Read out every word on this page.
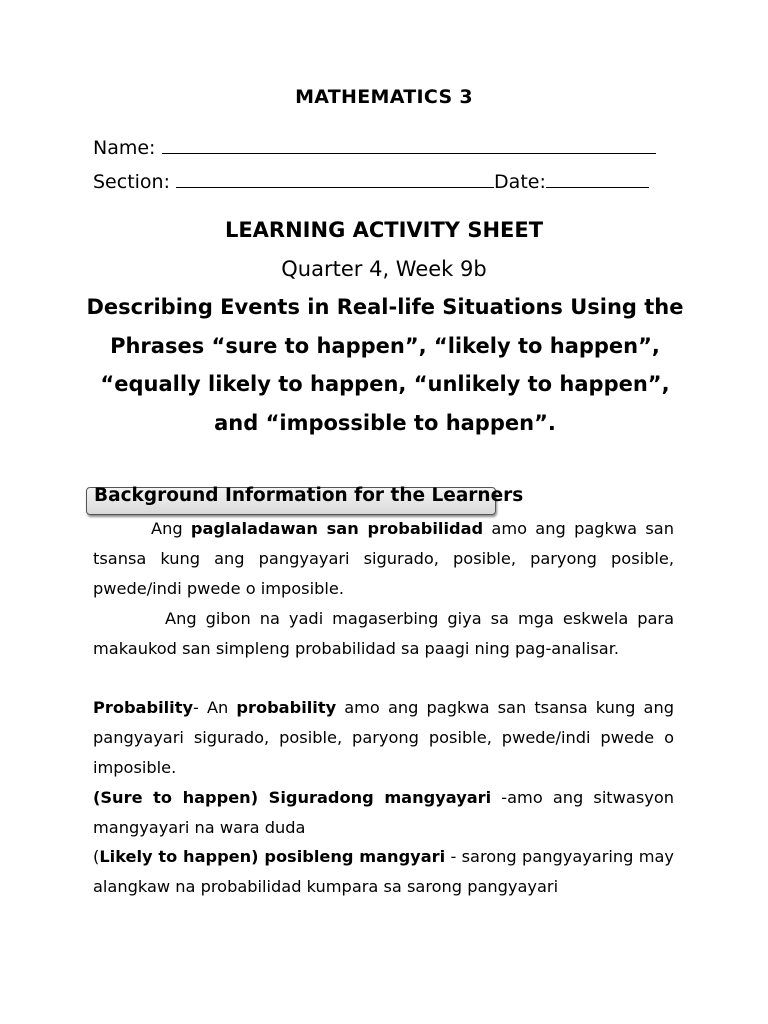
MATHEMATICS 3
Name:
Section:	Date:
LEARNING ACTIVITY SHEET
Quarter 4, Week 9b
Describing Events in Real-life Situations Using the Phrases “sure to happen”, “likely to happen”, “equally likely to happen, “unlikely to happen”, and “impossible to happen”.
Background Information for the Learners

Ang paglaladawan san probabilidad amo ang pagkwa san tsansa kung ang pangyayari sigurado, posible, paryong posible, pwede/indi pwede o imposible.

Ang gibon na yadi magaserbing giya sa mga eskwela para makaukod san simpleng probabilidad sa paagi ning pag-analisar.

Probability- An probability amo ang pagkwa san tsansa kung ang pangyayari sigurado, posible, paryong posible, pwede/indi pwede o imposible.

(Sure to happen) Siguradong mangyayari -amo ang sitwasyon mangyayari na wara duda

(Likely to happen) posibleng mangyari - sarong pangyayaring may alangkaw na probabilidad kumpara sa sarong pangyayari
